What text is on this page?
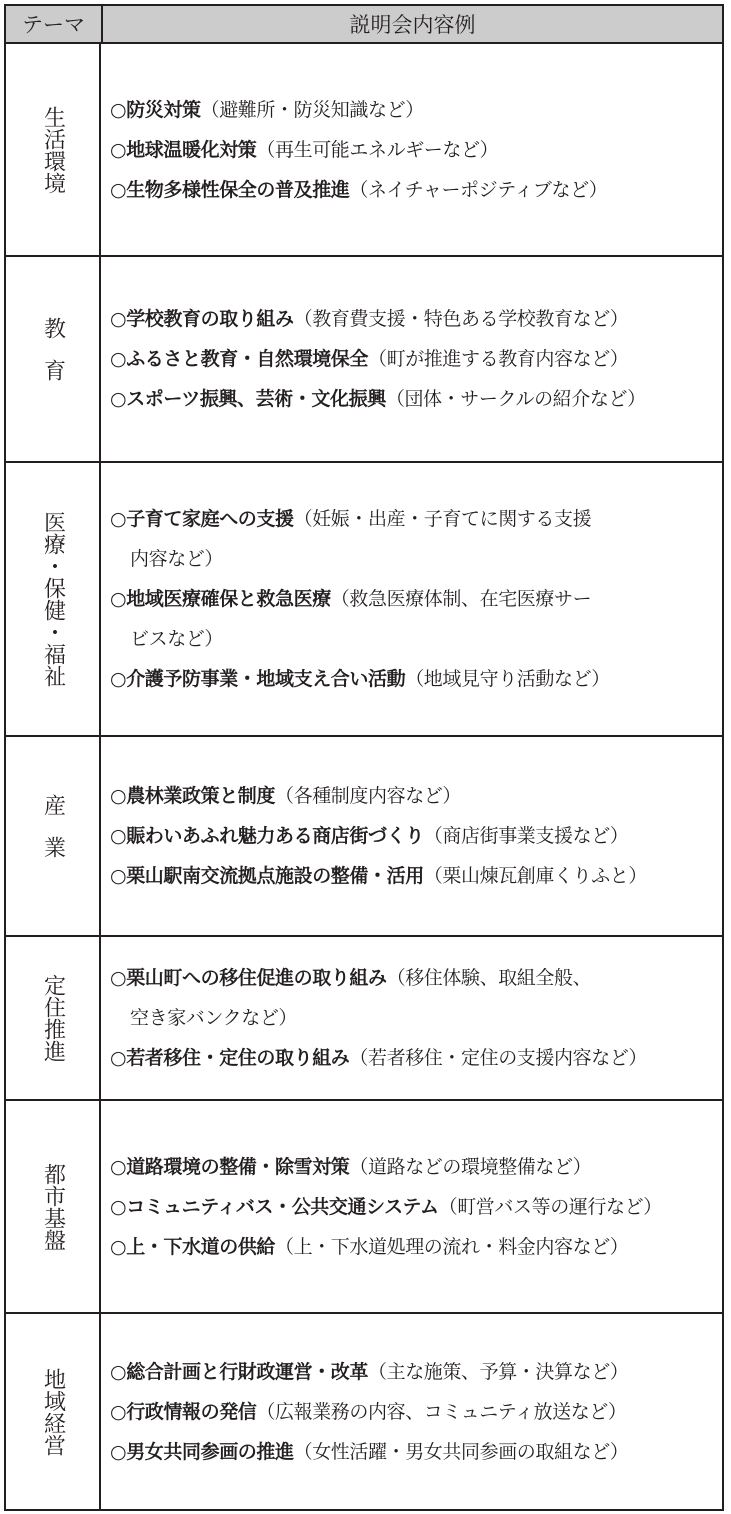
テーマ	説明会内容例
生活環境 ○防災対策（避難所・防災知識など）
○地球温暖化対策（再生可能エネルギーなど）
○生物多様性保全の普及推進（ネイチャーポジティブなど）
教育 ○学校教育の取り組み（教育費支援・特色ある学校教育など）
○ふるさと教育・自然環境保全（町が推進する教育内容など）
○スポーツ振興、芸術・文化振興（団体・サークルの紹介など）
医療・保健・福祉 ○子育て家庭への支援（妊娠・出産・子育てに関する支援
内容など）
○地域医療確保と救急医療（救急医療体制、在宅医療サー
ビスなど）
○介護予防事業・地域支え合い活動（地域見守り活動など）
産業 ○農林業政策と制度（各種制度内容など）
○賑わいあふれ魅力ある商店街づくり（商店街事業支援など）
○栗山駅南交流拠点施設の整備・活用（栗山煉瓦創庫くりふと）
定住推進 ○栗山町への移住促進の取り組み（移住体験、取組全般、
空き家バンクなど）
○若者移住・定住の取り組み（若者移住・定住の支援内容など）
都市基盤 ○道路環境の整備・除雪対策（道路などの環境整備など）
○コミュニティバス・公共交通システム（町営バス等の運行など）
○上・下水道の供給（上・下水道処理の流れ・料金内容など）
地域経営 ○総合計画と行財政運営・改革（主な施策、予算・決算など）
○行政情報の発信（広報業務の内容、コミュニティ放送など）
○男女共同参画の推進（女性活躍・男女共同参画の取組など）
